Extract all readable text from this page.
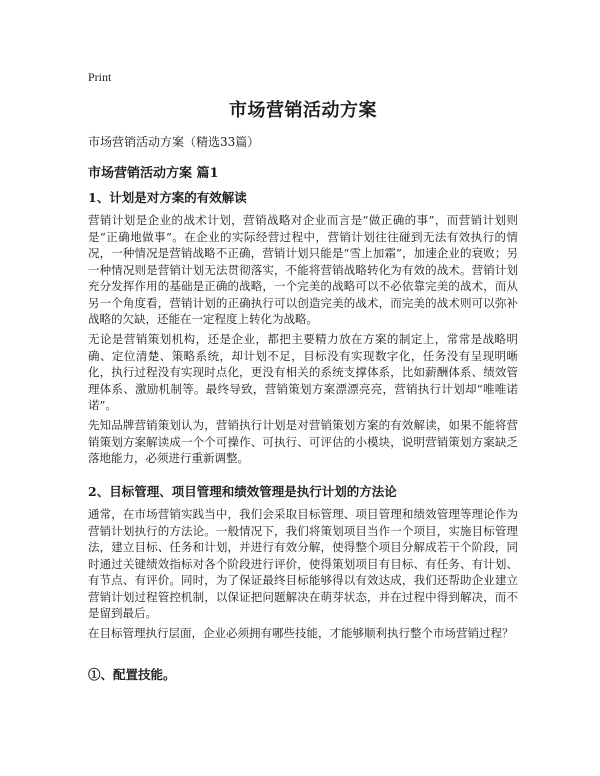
Print
市场营销活动方案
市场营销活动方案（精选33篇）
市场营销活动方案 篇1
1、计划是对方案的有效解读

营销计划是企业的战术计划，营销战略对企业而言是“做正确的事”，而营销计划则是“正确地做事”。在企业的实际经营过程中，营销计划往往碰到无法有效执行的情况，一种情况是营销战略不正确，营销计划只能是“雪上加霜”，加速企业的衰败；另一种情况则是营销计划无法贯彻落实，不能将营销战略转化为有效的战术。营销计划充分发挥作用的基础是正确的战略，一个完美的战略可以不必依靠完美的战术，而从另一个角度看，营销计划的正确执行可以创造完美的战术，而完美的战术则可以弥补战略的欠缺，还能在一定程度上转化为战略。

无论是营销策划机构，还是企业，都把主要精力放在方案的制定上，常常是战略明确、定位清楚、策略系统，却计划不足，目标没有实现数字化，任务没有呈现明晰化，执行过程没有实现时点化，更没有相关的系统支撑体系，比如薪酬体系、绩效管理体系、激励机制等。最终导致，营销策划方案漂漂亮亮，营销执行计划却“唯唯诺诺”。

先知品牌营销策划认为，营销执行计划是对营销策划方案的有效解读，如果不能将营销策划方案解读成一个个可操作、可执行、可评估的小模块，说明营销策划方案缺乏落地能力，必须进行重新调整。

2、目标管理、项目管理和绩效管理是执行计划的方法论

通常，在市场营销实践当中，我们会采取目标管理、项目管理和绩效管理等理论作为营销计划执行的方法论。一般情况下，我们将策划项目当作一个项目，实施目标管理法，建立目标、任务和计划，并进行有效分解，使得整个项目分解成若干个阶段，同时通过关键绩效指标对各个阶段进行评价，使得策划项目有目标、有任务、有计划、有节点、有评价。同时，为了保证最终目标能够得以有效达成，我们还帮助企业建立营销计划过程管控机制，以保证把问题解决在萌芽状态，并在过程中得到解决，而不是留到最后。

在目标管理执行层面，企业必须拥有哪些技能，才能够顺利执行整个市场营销过程？

①、配置技能。
